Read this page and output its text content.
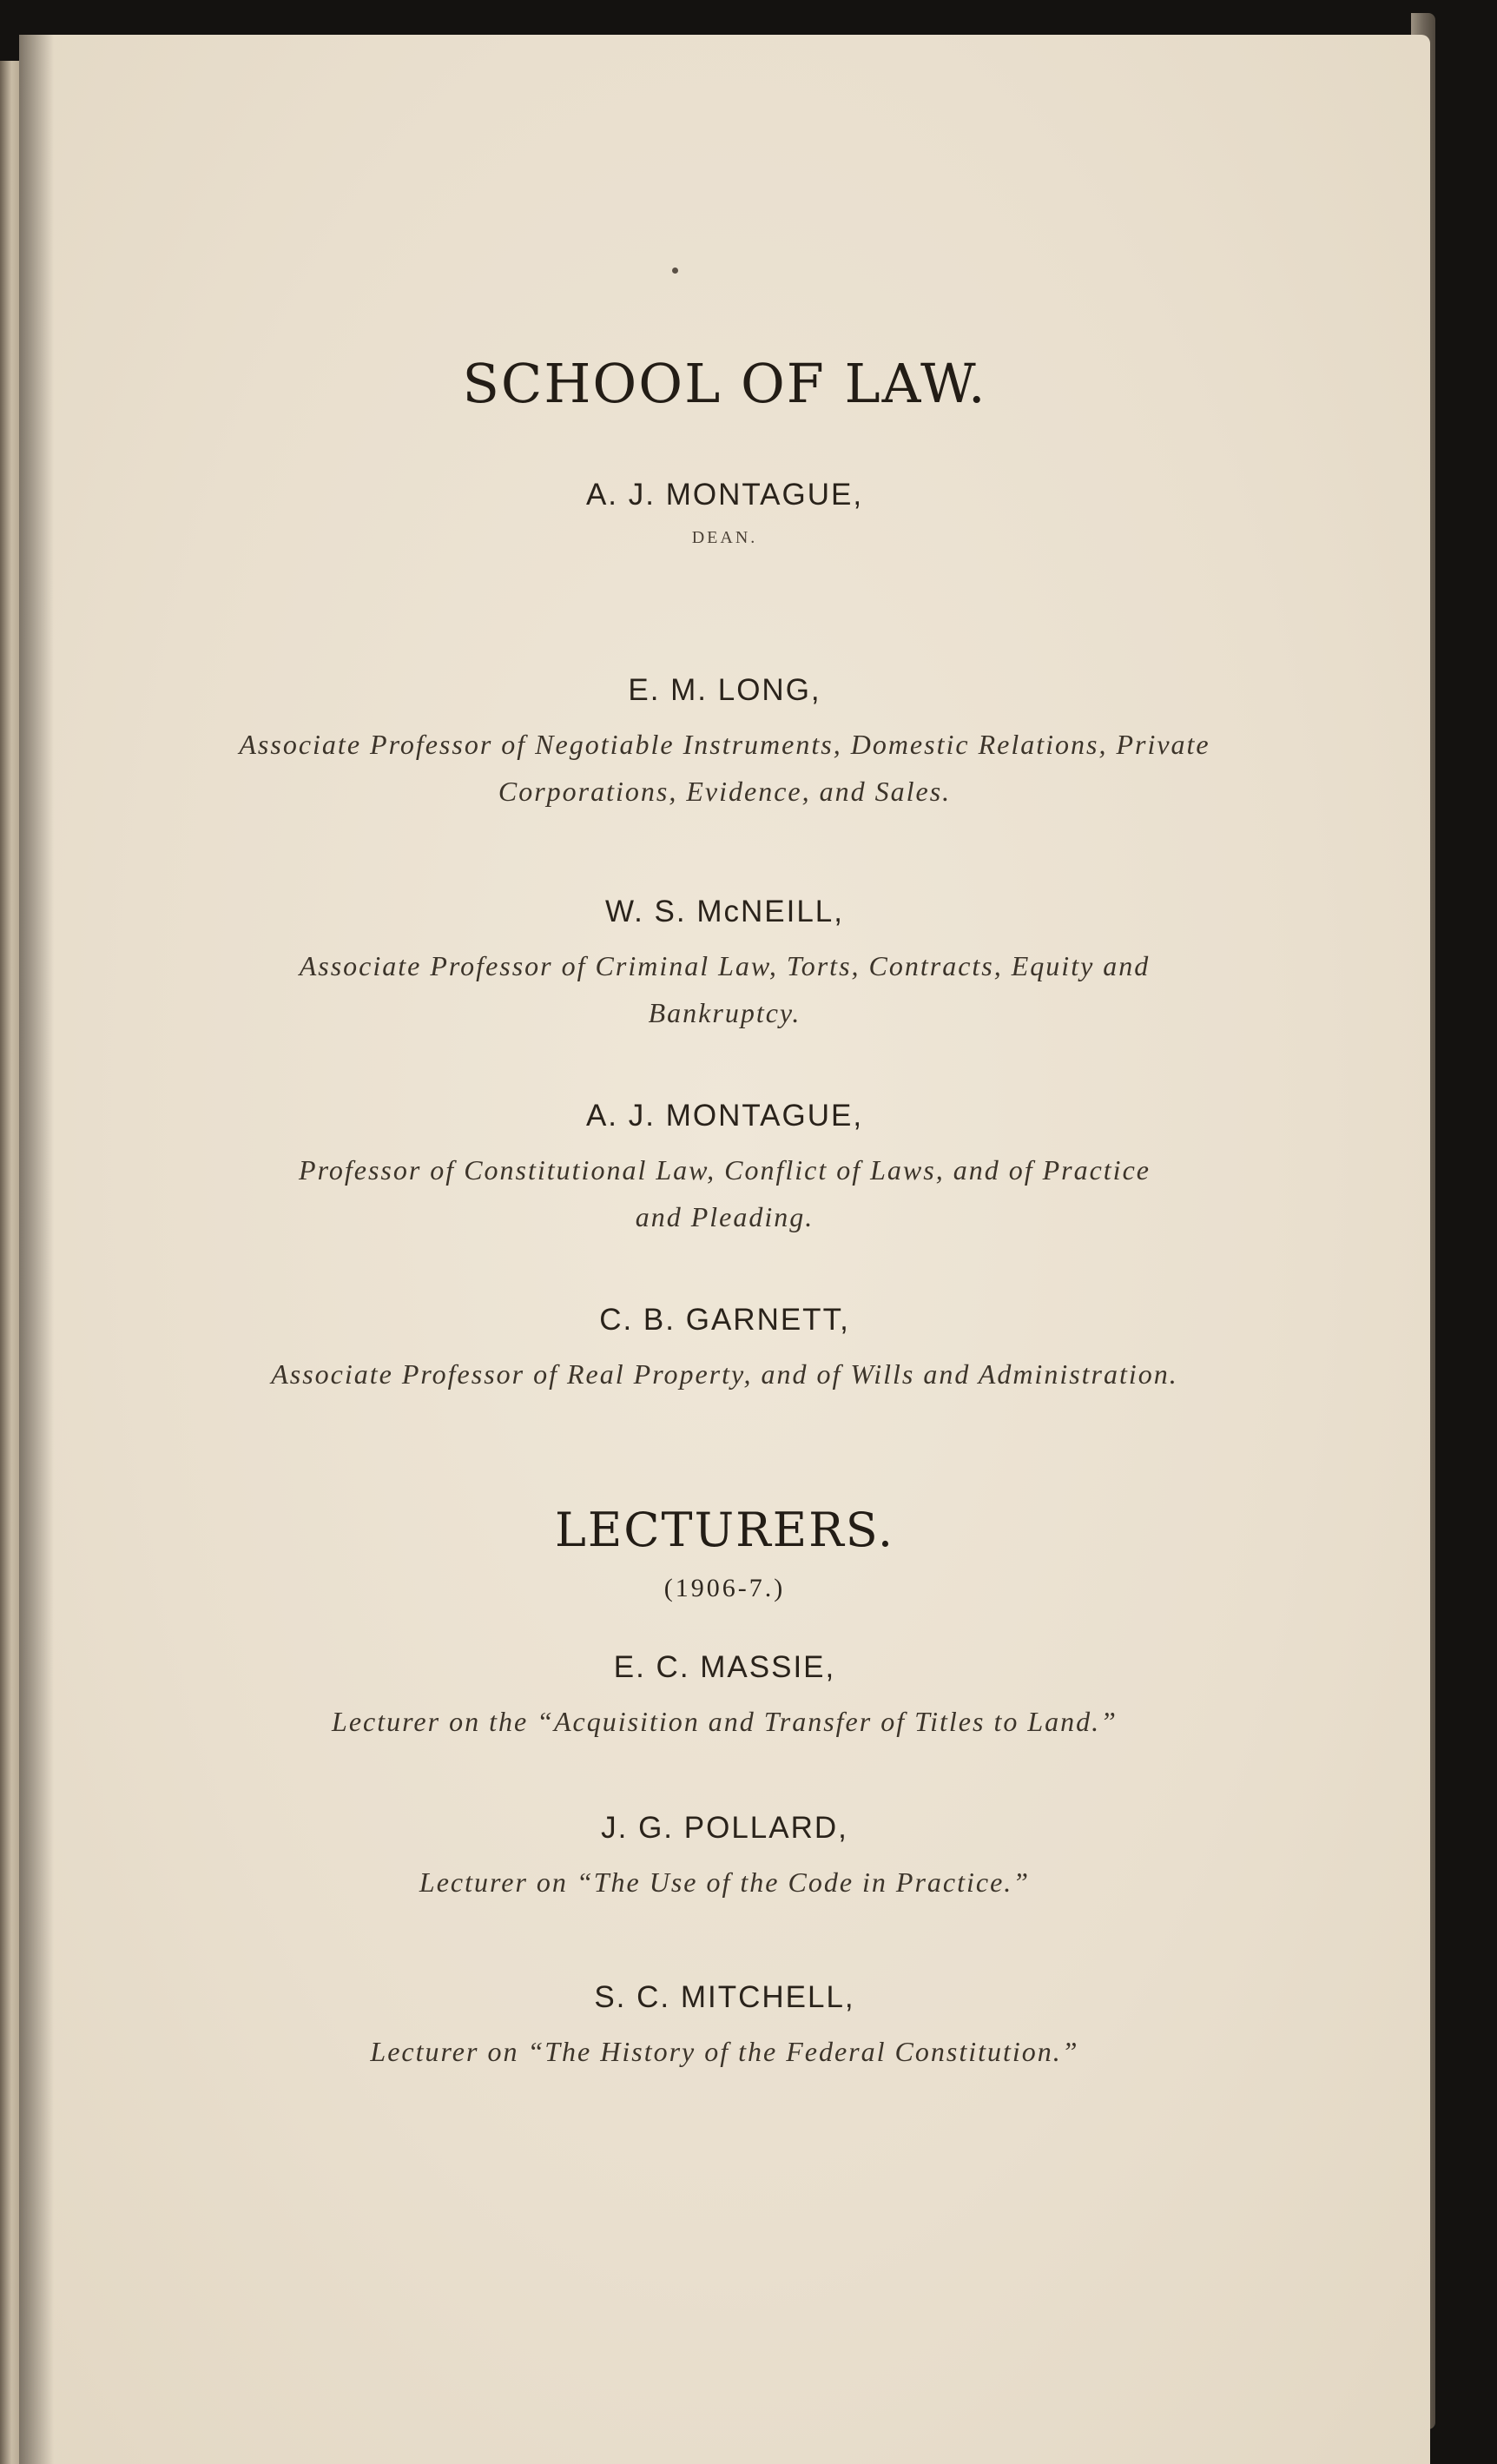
SCHOOL OF LAW.
A. J. MONTAGUE,
DEAN.
E. M. LONG,
Associate Professor of Negotiable Instruments, Domestic Relations, Private
Corporations, Evidence, and Sales.
W. S. McNEILL,
Associate Professor of Criminal Law, Torts, Contracts, Equity and
Bankruptcy.
A. J. MONTAGUE,
Professor of Constitutional Law, Conflict of Laws, and of Practice
and Pleading.
C. B. GARNETT,
Associate Professor of Real Property, and of Wills and Administration.
LECTURERS.
(1906-7.)
E. C. MASSIE,
Lecturer on the “Acquisition and Transfer of Titles to Land.”
J. G. POLLARD,
Lecturer on “The Use of the Code in Practice.”
S. C. MITCHELL,
Lecturer on “The History of the Federal Constitution.”
